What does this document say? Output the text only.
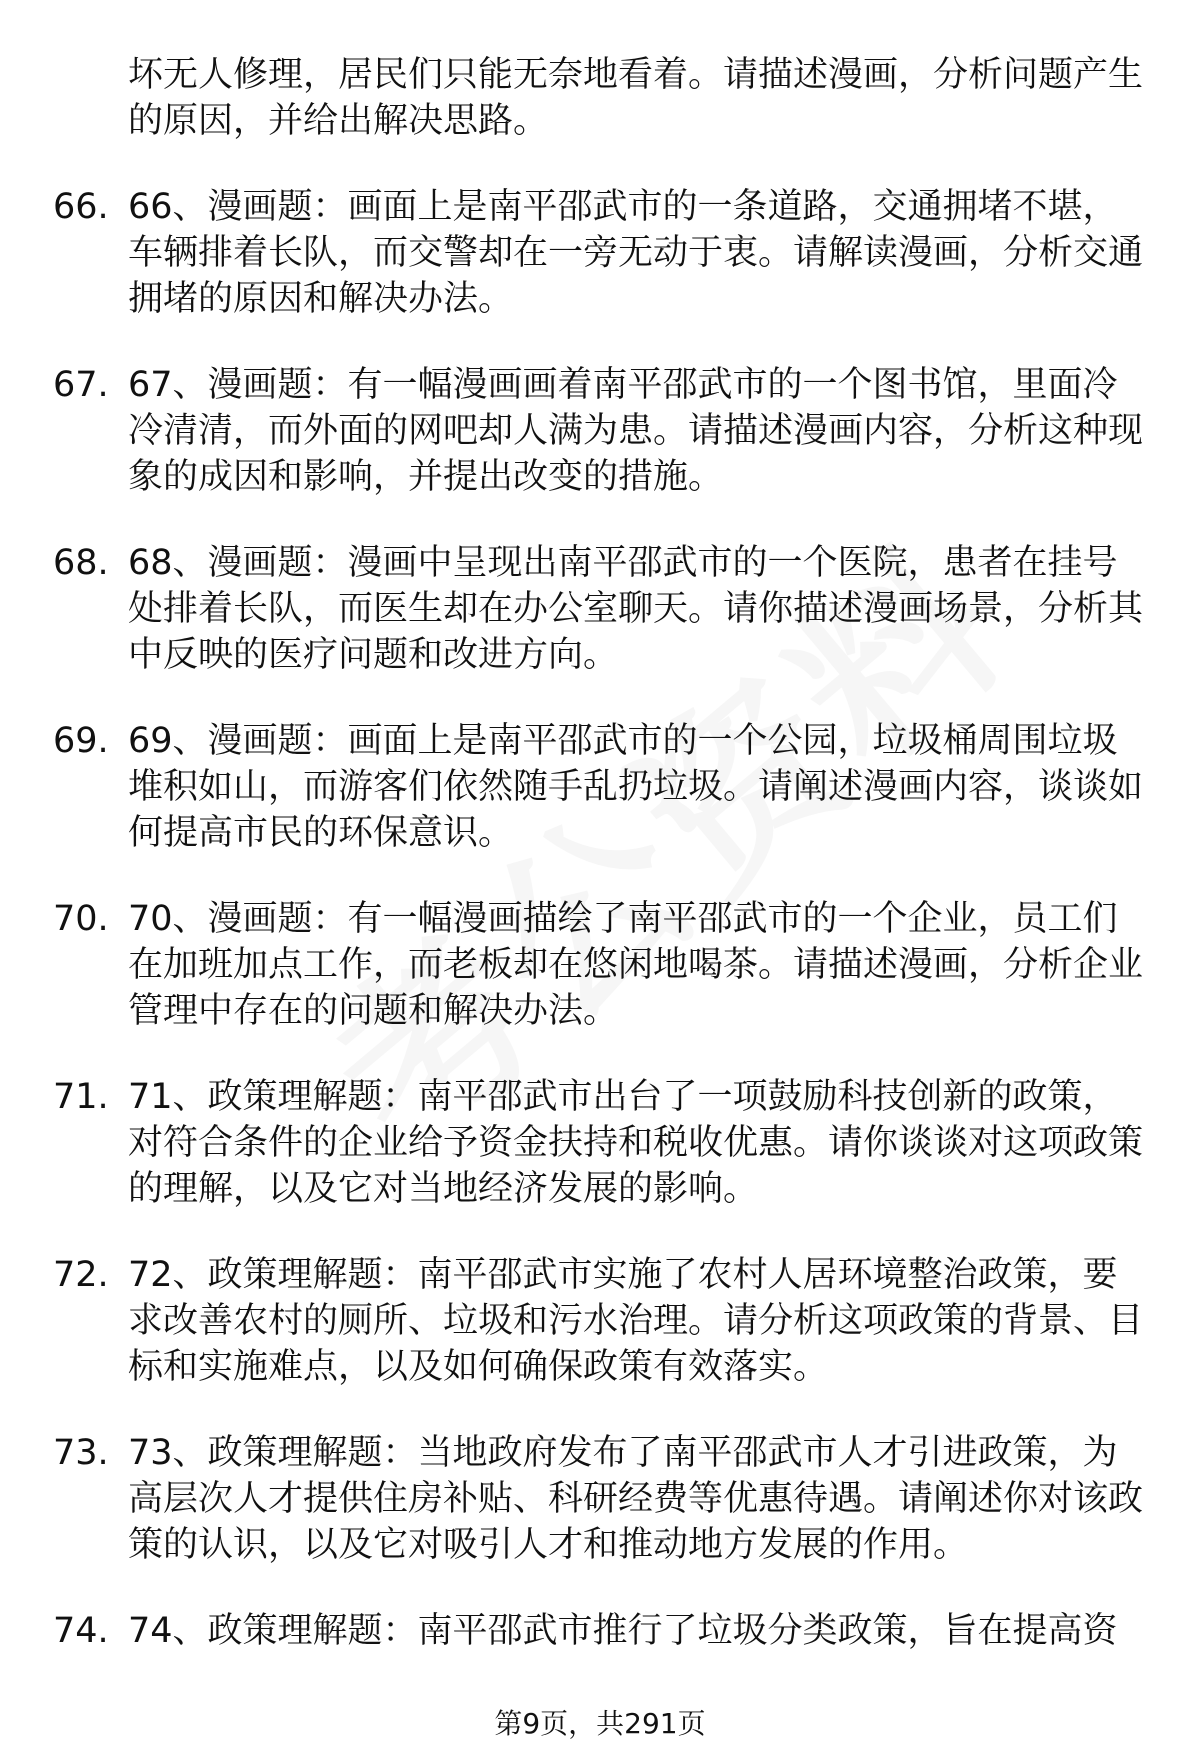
坏无人修理，居民们只能无奈地看着。请描述漫画，分析问题产生的原因，并给出解决思路。
66. 66、漫画题：画面上是南平邵武市的一条道路，交通拥堵不堪，车辆排着长队，而交警却在一旁无动于衷。请解读漫画，分析交通拥堵的原因和解决办法。
67. 67、漫画题：有一幅漫画画着南平邵武市的一个图书馆，里面冷冷清清，而外面的网吧却人满为患。请描述漫画内容，分析这种现象的成因和影响，并提出改变的措施。
68. 68、漫画题：漫画中呈现出南平邵武市的一个医院，患者在挂号处排着长队，而医生却在办公室聊天。请你描述漫画场景，分析其中反映的医疗问题和改进方向。
69. 69、漫画题：画面上是南平邵武市的一个公园，垃圾桶周围垃圾堆积如山，而游客们依然随手乱扔垃圾。请阐述漫画内容，谈谈如何提高市民的环保意识。
70. 70、漫画题：有一幅漫画描绘了南平邵武市的一个企业，员工们在加班加点工作，而老板却在悠闲地喝茶。请描述漫画，分析企业管理中存在的问题和解决办法。
71. 71、政策理解题：南平邵武市出台了一项鼓励科技创新的政策，对符合条件的企业给予资金扶持和税收优惠。请你谈谈对这项政策的理解，以及它对当地经济发展的影响。
72. 72、政策理解题：南平邵武市实施了农村人居环境整治政策，要求改善农村的厕所、垃圾和污水治理。请分析这项政策的背景、目标和实施难点，以及如何确保政策有效落实。
73. 73、政策理解题：当地政府发布了南平邵武市人才引进政策，为高层次人才提供住房补贴、科研经费等优惠待遇。请阐述你对该政策的认识，以及它对吸引人才和推动地方发展的作用。
74. 74、政策理解题：南平邵武市推行了垃圾分类政策，旨在提高资
第9页，共291页
